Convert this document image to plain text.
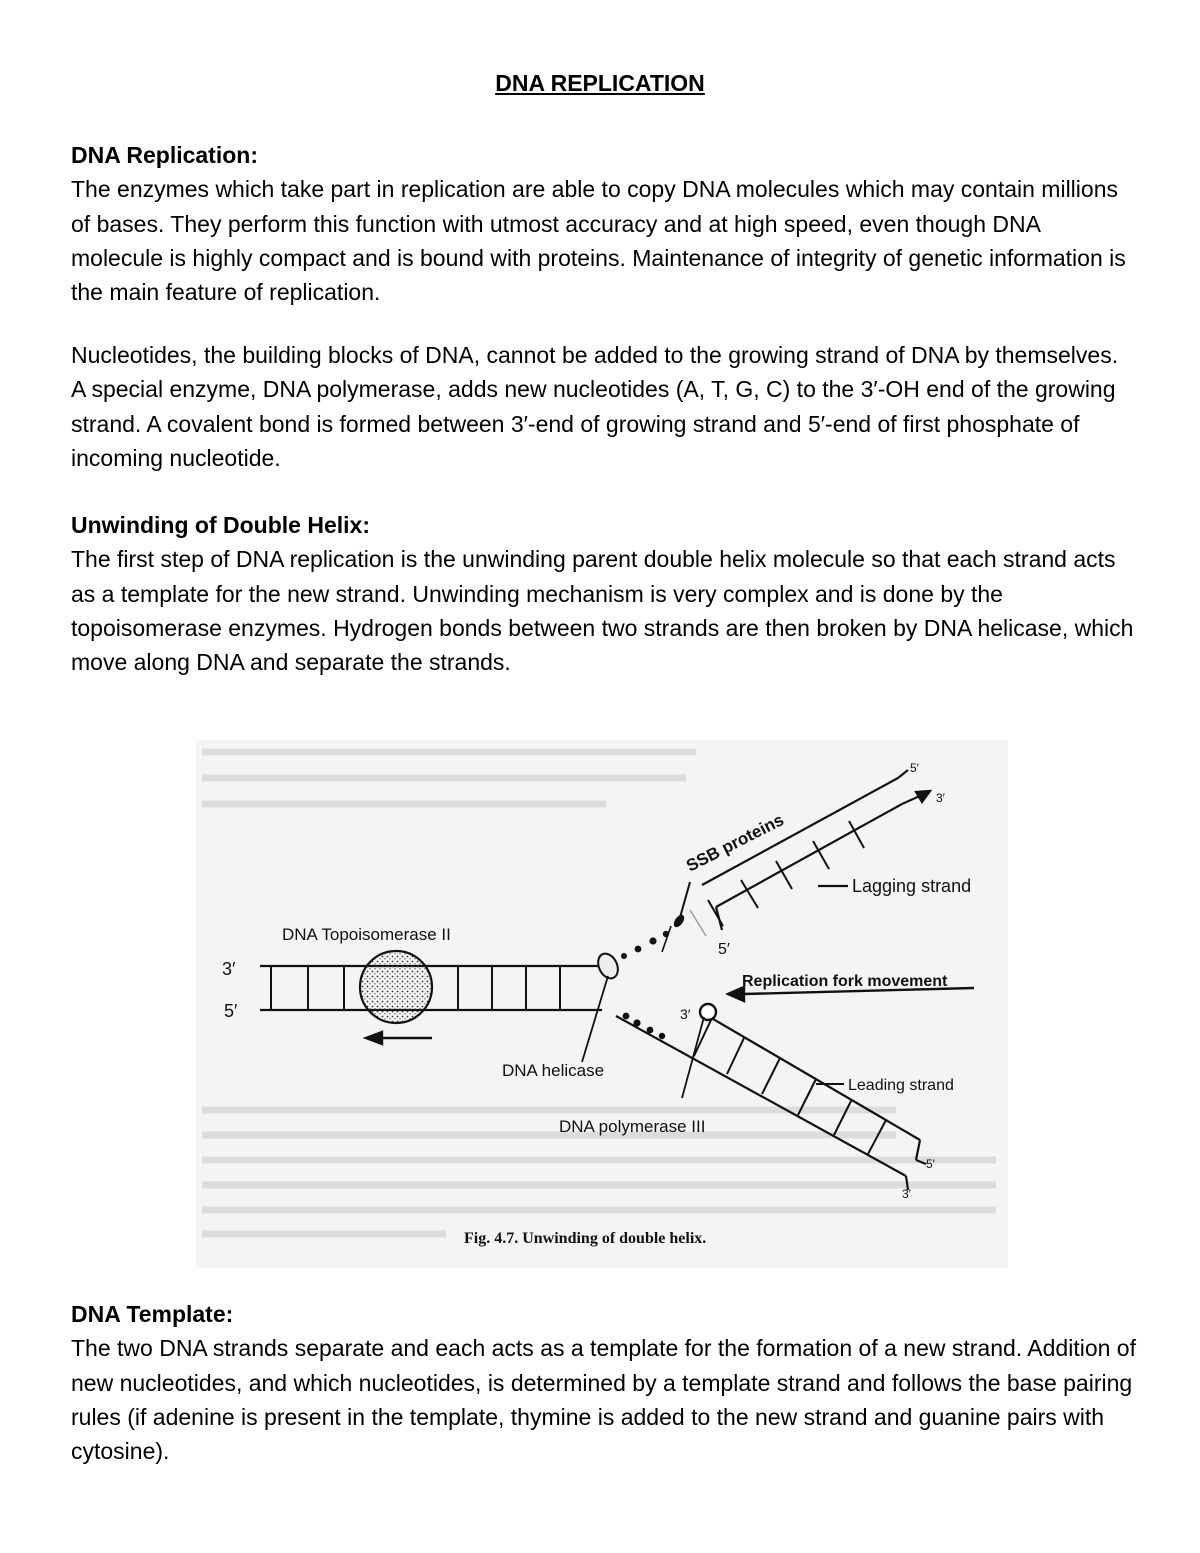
DNA REPLICATION

DNA Replication:

The enzymes which take part in replication are able to copy DNA molecules which may contain millions of bases. They perform this function with utmost accuracy and at high speed, even though DNA molecule is highly compact and is bound with proteins. Maintenance of integrity of genetic information is the main feature of replication.

Nucleotides, the building blocks of DNA, cannot be added to the growing strand of DNA by themselves. A special enzyme, DNA polymerase, adds new nucleotides (A, T, G, C) to the 3′-OH end of the growing strand. A covalent bond is formed between 3′-end of growing strand and 5′-end of first phosphate of incoming nucleotide.

Unwinding of Double Helix:

The first step of DNA replication is the unwinding parent double helix molecule so that each strand acts as a template for the new strand. Unwinding mechanism is very complex and is done by the topoisomerase enzymes. Hydrogen bonds between two strands are then broken by DNA helicase, which move along DNA and separate the strands.

DNA Topoisomerase II
3′
5′
SSB proteins
Lagging strand
5′
3′
5′
Replication fork movement
3′
DNA helicase
Leading strand
DNA polymerase III
5′
3′
Fig. 4.7. Unwinding of double helix.

DNA Template:

The two DNA strands separate and each acts as a template for the formation of a new strand. Addition of new nucleotides, and which nucleotides, is determined by a template strand and follows the base pairing rules (if adenine is present in the template, thymine is added to the new strand and guanine pairs with cytosine).
